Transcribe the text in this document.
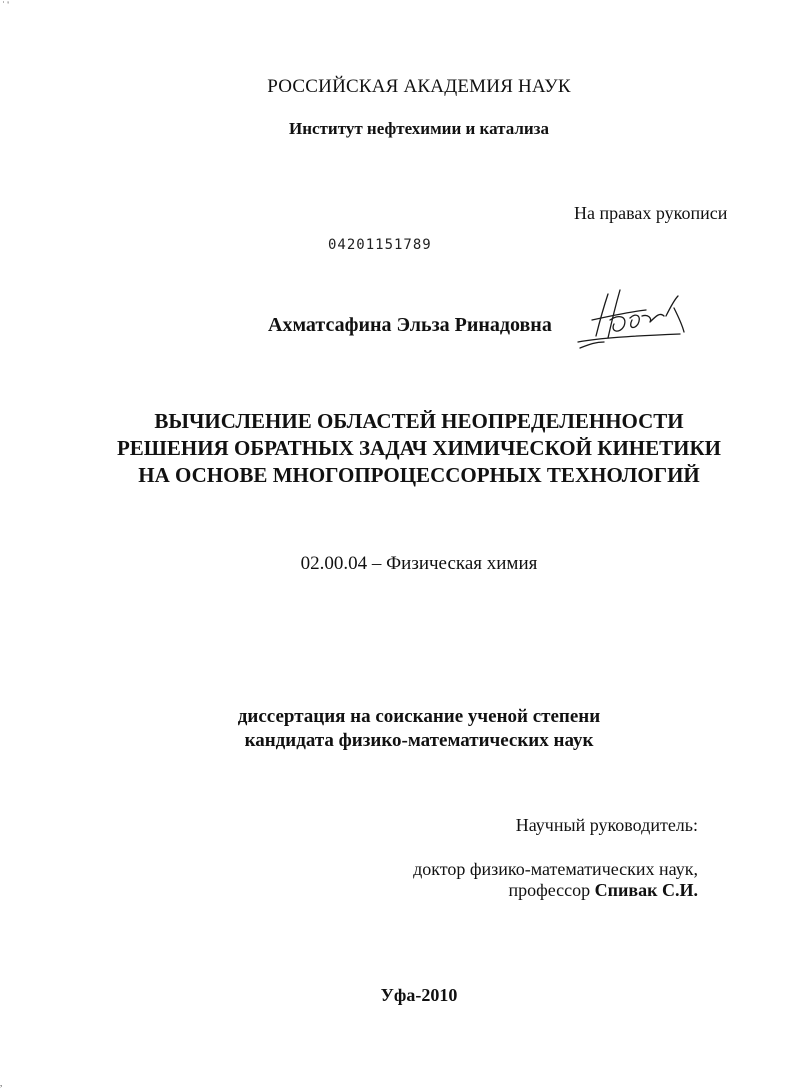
ʿ '
РОССИЙСКАЯ АКАДЕМИЯ НАУК
Институт нефтехимии и катализа
На правах рукописи
04201151789
Ахматсафина Эльза Ринадовна
ВЫЧИСЛЕНИЕ ОБЛАСТЕЙ НЕОПРЕДЕЛЕННОСТИ
РЕШЕНИЯ ОБРАТНЫХ ЗАДАЧ ХИМИЧЕСКОЙ КИНЕТИКИ
НА ОСНОВЕ МНОГОПРОЦЕССОРНЫХ ТЕХНОЛОГИЙ
02.00.04 – Физическая химия
диссертация на соискание ученой степени
кандидата физико-математических наук
Научный руководитель:
доктор физико-математических наук,
профессор Спивак С.И.
Уфа-2010
,
